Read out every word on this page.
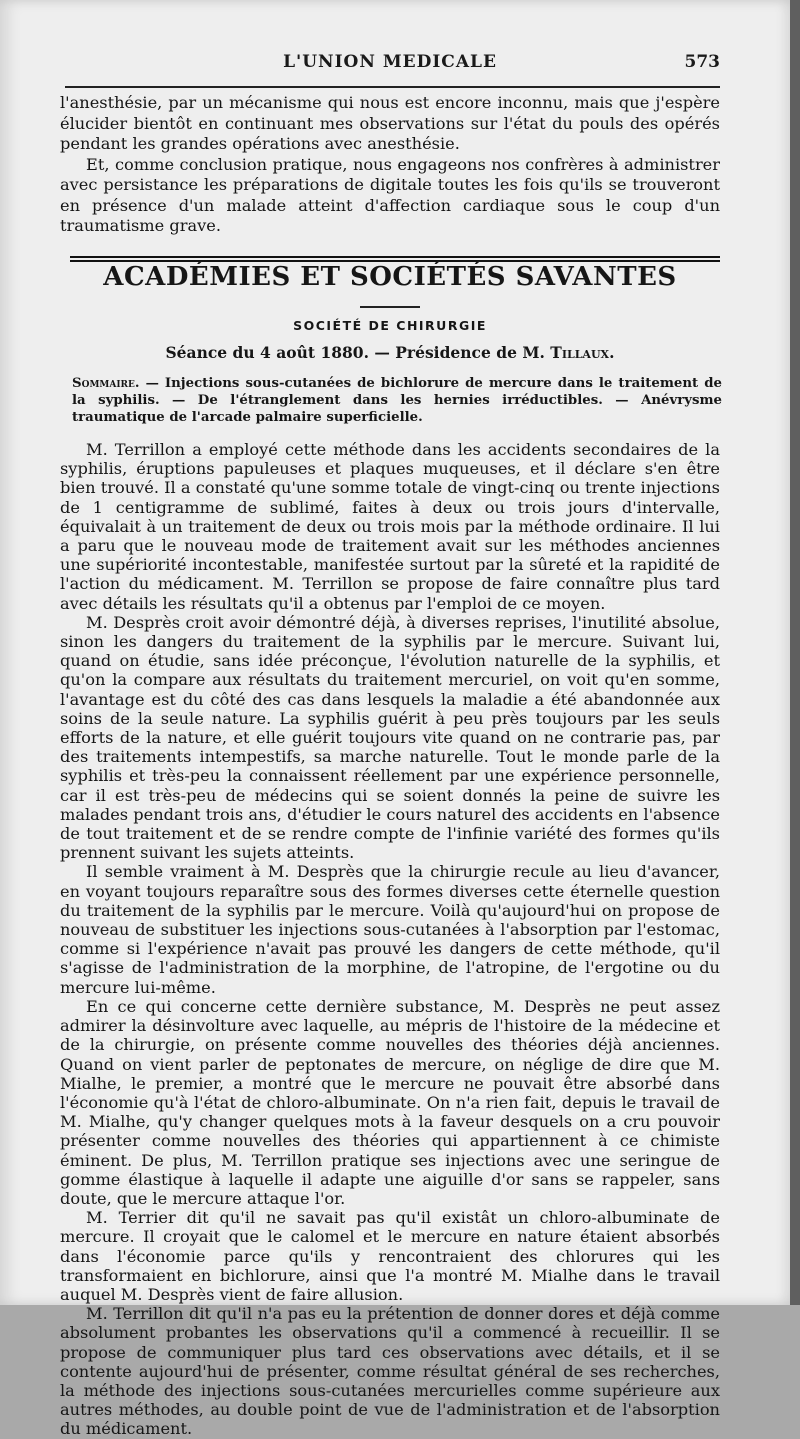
L'UNION MEDICALE	573

l'anesthésie, par un mécanisme qui nous est encore inconnu, mais que j'espère élucider bientôt en continuant mes observations sur l'état du pouls des opérés pendant les grandes opérations avec anesthésie.

Et, comme conclusion pratique, nous engageons nos confrères à administrer avec persistance les préparations de digitale toutes les fois qu'ils se trouveront en présence d'un malade atteint d'affection cardiaque sous le coup d'un traumatisme grave.

ACADÉMIES ET SOCIÉTÉS SAVANTES
SOCIÉTÉ DE CHIRURGIE
Séance du 4 août 1880. — Présidence de M. Tillaux.
Sommaire. — Injections sous-cutanées de bichlorure de mercure dans le traitement de la syphilis. — De l'étranglement dans les hernies irréductibles. — Anévrysme traumatique de l'arcade palmaire superficielle.

M. Terrillon a employé cette méthode dans les accidents secondaires de la syphilis, éruptions papuleuses et plaques muqueuses, et il déclare s'en être bien trouvé. Il a constaté qu'une somme totale de vingt-cinq ou trente injections de 1 centigramme de sublimé, faites à deux ou trois jours d'intervalle, équivalait à un traitement de deux ou trois mois par la méthode ordinaire. Il lui a paru que le nouveau mode de traitement avait sur les méthodes anciennes une supériorité incontestable, manifestée surtout par la sûreté et la rapidité de l'action du médicament. M. Terrillon se propose de faire connaître plus tard avec détails les résultats qu'il a obtenus par l'emploi de ce moyen.

M. Desprès croit avoir démontré déjà, à diverses reprises, l'inutilité absolue, sinon les dangers du traitement de la syphilis par le mercure. Suivant lui, quand on étudie, sans idée préconçue, l'évolution naturelle de la syphilis, et qu'on la compare aux résultats du traitement mercuriel, on voit qu'en somme, l'avantage est du côté des cas dans lesquels la maladie a été abandonnée aux soins de la seule nature. La syphilis guérit à peu près toujours par les seuls efforts de la nature, et elle guérit toujours vite quand on ne contrarie pas, par des traitements intempestifs, sa marche naturelle. Tout le monde parle de la syphilis et très-peu la connaissent réellement par une expérience personnelle, car il est très-peu de médecins qui se soient donnés la peine de suivre les malades pendant trois ans, d'étudier le cours naturel des accidents en l'absence de tout traitement et de se rendre compte de l'infinie variété des formes qu'ils prennent suivant les sujets atteints.

Il semble vraiment à M. Desprès que la chirurgie recule au lieu d'avancer, en voyant toujours reparaître sous des formes diverses cette éternelle question du traitement de la syphilis par le mercure. Voilà qu'aujourd'hui on propose de nouveau de substituer les injections sous-cutanées à l'absorption par l'estomac, comme si l'expérience n'avait pas prouvé les dangers de cette méthode, qu'il s'agisse de l'administration de la morphine, de l'atropine, de l'ergotine ou du mercure lui-même.

En ce qui concerne cette dernière substance, M. Desprès ne peut assez admirer la désinvolture avec laquelle, au mépris de l'histoire de la médecine et de la chirurgie, on présente comme nouvelles des théories déjà anciennes. Quand on vient parler de peptonates de mercure, on néglige de dire que M. Mialhe, le premier, a montré que le mercure ne pouvait être absorbé dans l'économie qu'à l'état de chloro-albuminate. On n'a rien fait, depuis le travail de M. Mialhe, qu'y changer quelques mots à la faveur desquels on a cru pouvoir présenter comme nouvelles des théories qui appartiennent à ce chimiste éminent. De plus, M. Terrillon pratique ses injections avec une seringue de gomme élastique à laquelle il adapte une aiguille d'or sans se rappeler, sans doute, que le mercure attaque l'or.

M. Terrier dit qu'il ne savait pas qu'il existât un chloro-albuminate de mercure. Il croyait que le calomel et le mercure en nature étaient absorbés dans l'économie parce qu'ils y rencontraient des chlorures qui les transformaient en bichlorure, ainsi que l'a montré M. Mialhe dans le travail auquel M. Desprès vient de faire allusion.

M. Terrillon dit qu'il n'a pas eu la prétention de donner dores et déjà comme absolument probantes les observations qu'il a commencé à recueillir. Il se propose de communiquer plus tard ces observations avec détails, et il se contente aujourd'hui de présenter, comme résultat général de ses recherches, la méthode des injections sous-cutanées mercurielles comme supérieure aux autres méthodes, au double point de vue de l'administration et de l'absorption du médicament.
